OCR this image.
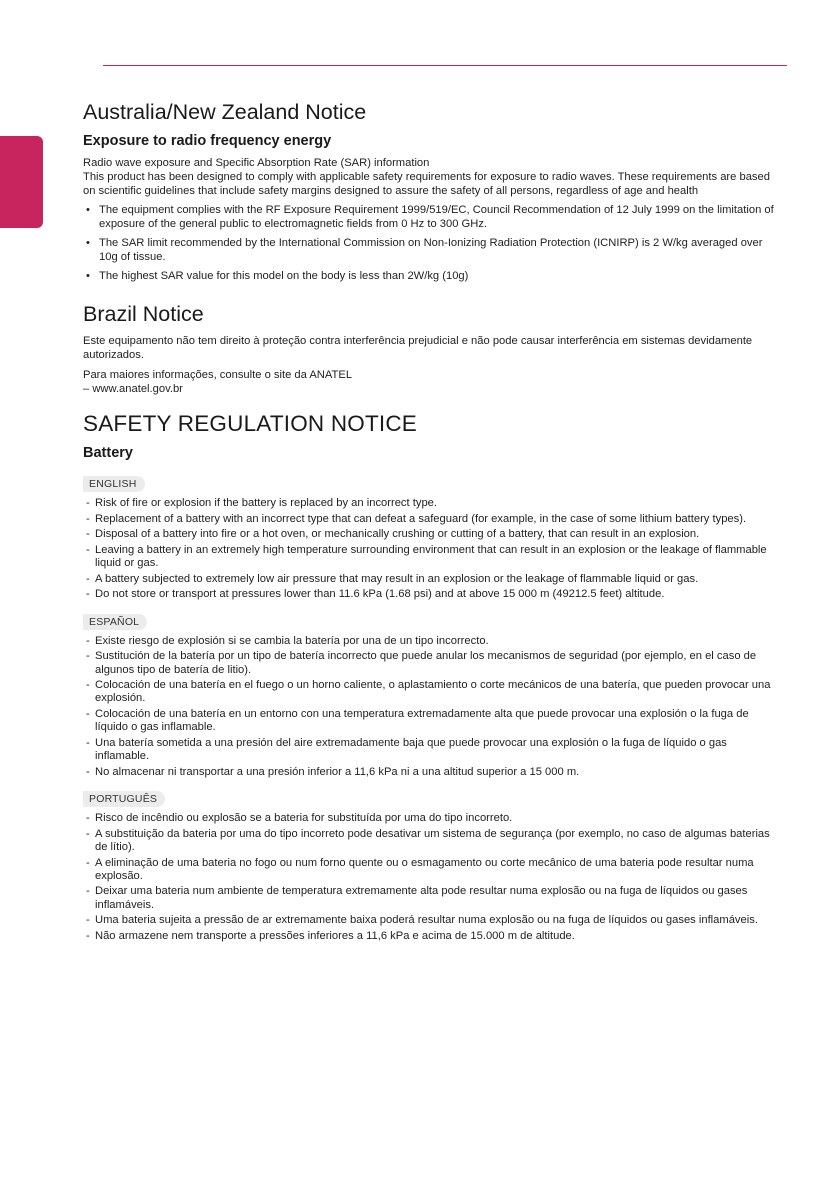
Australia/New Zealand Notice
Exposure to radio frequency energy

Radio wave exposure and Specific Absorption Rate (SAR) information

This product has been designed to comply with applicable safety requirements for exposure to radio waves. These requirements are based on scientific guidelines that include safety margins designed to assure the safety of all persons, regardless of age and health

• The equipment complies with the RF Exposure Requirement 1999/519/EC, Council Recommendation of 12 July 1999 on the limitation of exposure of the general public to electromagnetic fields from 0 Hz to 300 GHz.
• The SAR limit recommended by the International Commission on Non-Ionizing Radiation Protection (ICNIRP) is 2 W/kg averaged over 10g of tissue.
• The highest SAR value for this model on the body is less than 2W/kg (10g)
Brazil Notice

Este equipamento não tem direito à proteção contra interferência prejudicial e não pode causar interferência em sistemas devidamente autorizados.

Para maiores informações, consulte o site da ANATEL

– www.anatel.gov.br

SAFETY REGULATION NOTICE
Battery
ENGLISH
- Risk of fire or explosion if the battery is replaced by an incorrect type.
- Replacement of a battery with an incorrect type that can defeat a safeguard (for example, in the case of some lithium battery types).
- Disposal of a battery into fire or a hot oven, or mechanically crushing or cutting of a battery, that can result in an explosion.
- Leaving a battery in an extremely high temperature surrounding environment that can result in an explosion or the leakage of flammable liquid or gas.
- A battery subjected to extremely low air pressure that may result in an explosion or the leakage of flammable liquid or gas.
- Do not store or transport at pressures lower than 11.6 kPa (1.68 psi) and at above 15 000 m (49212.5 feet) altitude.
ESPAÑOL
- Existe riesgo de explosión si se cambia la batería por una de un tipo incorrecto.
- Sustitución de la batería por un tipo de batería incorrecto que puede anular los mecanismos de seguridad (por ejemplo, en el caso de algunos tipo de batería de litio).
- Colocación de una batería en el fuego o un horno caliente, o aplastamiento o corte mecánicos de una batería, que pueden provocar una explosión.
- Colocación de una batería en un entorno con una temperatura extremadamente alta que puede provocar una explosión o la fuga de líquido o gas inflamable.
- Una batería sometida a una presión del aire extremadamente baja que puede provocar una explosión o la fuga de líquido o gas inflamable.
- No almacenar ni transportar a una presión inferior a 11,6 kPa ni a una altitud superior a 15 000 m.
PORTUGUÊS
- Risco de incêndio ou explosão se a bateria for substituída por uma do tipo incorreto.
- A substituição da bateria por uma do tipo incorreto pode desativar um sistema de segurança (por exemplo, no caso de algumas baterias de lítio).
- A eliminação de uma bateria no fogo ou num forno quente ou o esmagamento ou corte mecânico de uma bateria pode resultar numa explosão.
- Deixar uma bateria num ambiente de temperatura extremamente alta pode resultar numa explosão ou na fuga de líquidos ou gases inflamáveis.
- Uma bateria sujeita a pressão de ar extremamente baixa poderá resultar numa explosão ou na fuga de líquidos ou gases inflamáveis.
- Não armazene nem transporte a pressões inferiores a 11,6 kPa e acima de 15.000 m de altitude.
